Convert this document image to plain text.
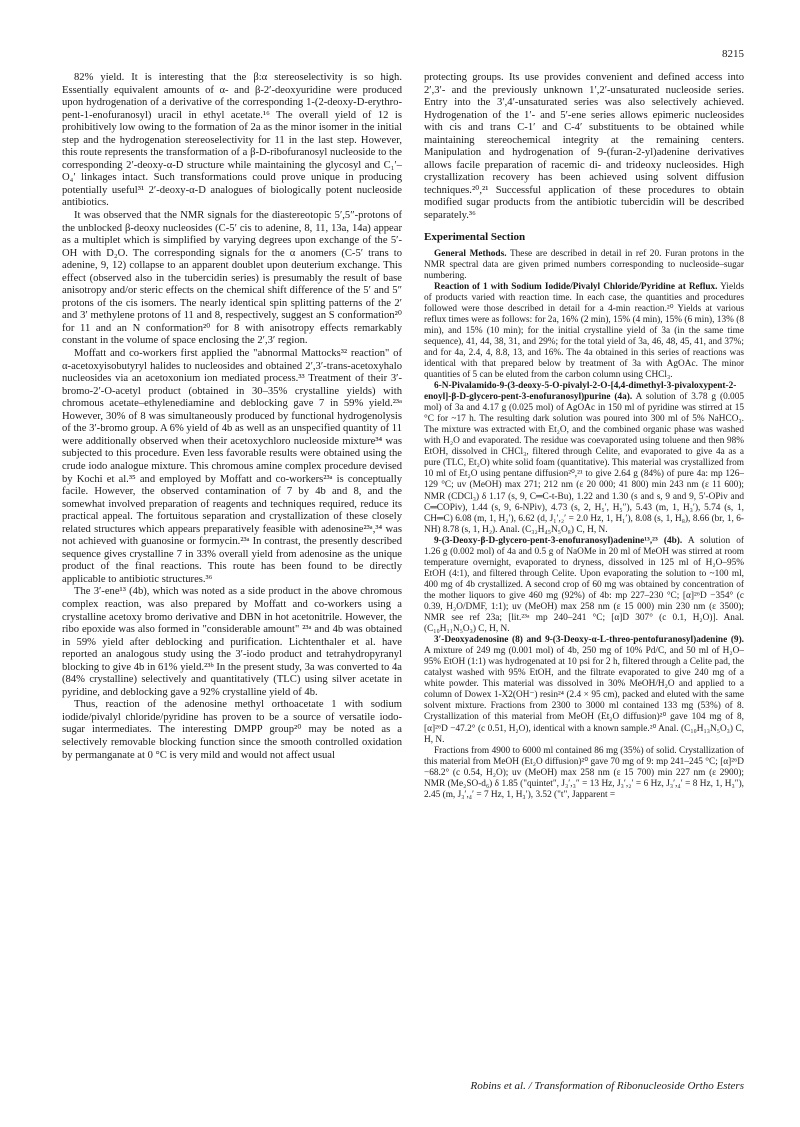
8215

82% yield. It is interesting that the β:α stereoselectivity is so high. Essentially equivalent amounts of α- and β-2′-deoxyuridine were produced upon hydrogenation of a derivative of the corresponding 1-(2-deoxy-D-erythro-pent-1-enofuranosyl) uracil in ethyl acetate.¹⁶ The overall yield of 12 is prohibitively low owing to the formation of 2a as the minor isomer in the initial step and the hydrogenation stereoselectivity for 11 in the last step. However, this route represents the transformation of a β-D-ribofuranosyl nucleoside to the corresponding 2′-deoxy-α-D structure while maintaining the glycosyl and C₁′–O₄′ linkages intact. Such transformations could prove unique in producing potentially useful³¹ 2′-deoxy-α-D analogues of biologically potent nucleoside antibiotics.

It was observed that the NMR signals for the diastereotopic 5′,5″-protons of the unblocked β-deoxy nucleosides (C-5′ cis to adenine, 8, 11, 13a, 14a) appear as a multiplet which is simplified by varying degrees upon exchange of the 5′-OH with D₂O. The corresponding signals for the α anomers (C-5′ trans to adenine, 9, 12) collapse to an apparent doublet upon deuterium exchange. This effect (observed also in the tubercidin series) is presumably the result of base anisotropy and/or steric effects on the chemical shift difference of the 5′ and 5″ protons of the cis isomers. The nearly identical spin splitting patterns of the 2′ and 3′ methylene protons of 11 and 8, respectively, suggest an S conformation²⁰ for 11 and an N conformation²⁰ for 8 with anisotropy effects remarkably constant in the volume of space enclosing the 2′,3′ region.

Moffatt and co-workers first applied the "abnormal Mattocks³² reaction" of α-acetoxyisobutyryl halides to nucleosides and obtained 2′,3′-trans-acetoxyhalo nucleosides via an acetoxonium ion mediated process.³³ Treatment of their 3′-bromo-2′-O-acetyl product (obtained in 30–35% crystalline yields) with chromous acetate–ethylenediamine and deblocking gave 7 in 59% yield.²³ᵃ However, 30% of 8 was simultaneously produced by functional hydrogenolysis of the 3′-bromo group. A 6% yield of 4b as well as an unspecified quantity of 11 were additionally observed when their acetoxychloro nucleoside mixture³⁴ was subjected to this procedure. Even less favorable results were obtained using the crude iodo analogue mixture. This chromous amine complex procedure devised by Kochi et al.³⁵ and employed by Moffatt and co-workers²³ᵃ is conceptually facile. However, the observed contamination of 7 by 4b and 8, and the somewhat involved preparation of reagents and techniques required, reduce its practical appeal. The fortuitous separation and crystallization of these closely related structures which appears preparatively feasible with adenosine²³ᵃ,³⁴ was not achieved with guanosine or formycin.²³ᵃ In contrast, the presently described sequence gives crystalline 7 in 33% overall yield from adenosine as the unique product of the final reactions. This route has been found to be directly applicable to antibiotic structures.³⁶

The 3′-ene¹³ (4b), which was noted as a side product in the above chromous complex reaction, was also prepared by Moffatt and co-workers using a crystalline acetoxy bromo derivative and DBN in hot acetonitrile. However, the ribo epoxide was also formed in "considerable amount" ²³ᵃ and 4b was obtained in 59% yield after deblocking and purification. Lichtenthaler et al. have reported an analogous study using the 3′-iodo product and tetrahydropyranyl blocking to give 4b in 61% yield.²³ᵇ In the present study, 3a was converted to 4a (84% crystalline) selectively and quantitatively (TLC) using silver acetate in pyridine, and deblocking gave a 92% crystalline yield of 4b.

Thus, reaction of the adenosine methyl orthoacetate 1 with sodium iodide/pivalyl chloride/pyridine has proven to be a source of versatile iodo-sugar intermediates. The interesting DMPP group²⁰ may be noted as a selectively removable blocking function since the smooth controlled oxidation by permanganate at 0 °C is very mild and would not affect usual

protecting groups. Its use provides convenient and defined access into 2′,3′- and the previously unknown 1′,2′-unsaturated nucleoside series. Entry into the 3′,4′-unsaturated series was also selectively achieved. Hydrogenation of the 1′- and 5′-ene series allows epimeric nucleosides with cis and trans C-1′ and C-4′ substituents to be obtained while maintaining stereochemical integrity at the remaining centers. Manipulation and hydrogenation of 9-(furan-2-yl)adenine derivatives allows facile preparation of racemic di- and trideoxy nucleosides. High crystallization recovery has been achieved using solvent diffusion techniques.²⁰,²¹ Successful application of these procedures to obtain modified sugar products from the antibiotic tubercidin will be described separately.³⁶

Experimental Section

General Methods. These are described in detail in ref 20. Furan protons in the NMR spectral data are given primed numbers corresponding to nucleoside–sugar numbering.

Reaction of 1 with Sodium Iodide/Pivalyl Chloride/Pyridine at Reflux. Yields of products varied with reaction time. In each case, the quantities and procedures followed were those described in detail for a 4-min reaction.²⁰ Yields at various reflux times were as follows: for 2a, 16% (2 min), 15% (4 min), 15% (6 min), 13% (8 min), and 15% (10 min); for the initial crystalline yield of 3a (in the same time sequence), 41, 44, 38, 31, and 29%; for the total yield of 3a, 46, 48, 45, 41, and 37%; and for 4a, 2.4, 4, 8.8, 13, and 16%. The 4a obtained in this series of reactions was identical with that prepared below by treatment of 3a with AgOAc. The minor quantities of 5 can be eluted from the carbon column using CHCl₃.

6-N-Pivalamido-9-(3-deoxy-5-O-pivalyl-2-O-[4,4-dimethyl-3-pivaloxypent-2-enoyl]-β-D-glycero-pent-3-enofuranosyl)purine (4a). A solution of 3.78 g (0.005 mol) of 3a and 4.17 g (0.025 mol) of AgOAc in 150 ml of pyridine was stirred at 15 °C for ~17 h. The resulting dark solution was poured into 300 ml of 5% NaHCO₃. The mixture was extracted with Et₂O, and the combined organic phase was washed with H₂O and evaporated. The residue was coevaporated using toluene and then 98% EtOH, dissolved in CHCl₃, filtered through Celite, and evaporated to give 4a as a pure (TLC, Et₂O) white solid foam (quantitative). This material was crystallized from 10 ml of Et₂O using pentane diffusion²⁰,²¹ to give 2.64 g (84%) of pure 4a: mp 126–129 °C; uv (MeOH) max 271; 212 nm (ε 20 000; 41 800) min 243 nm (ε 11 600); NMR (CDCl₃) δ 1.17 (s, 9, C═C-t-Bu), 1.22 and 1.30 (s and s, 9 and 9, 5′-OPiv and C═COPiv), 1.44 (s, 9, 6-NPiv), 4.73 (s, 2, H₅′, H₅″), 5.43 (m, 1, H₃′), 5.74 (s, 1, CH═C) 6.08 (m, 1, H₂′), 6.62 (d, J₁′,₂′ = 2.0 Hz, 1, H₁′), 8.08 (s, 1, H₈), 8.66 (br, 1, 6-NH) 8.78 (s, 1, H₂). Anal. (C₃₂H₄₅N₅O₈) C, H, N.

9-(3-Deoxy-β-D-glycero-pent-3-enofuranosyl)adenine¹³,²³ (4b). A solution of 1.26 g (0.002 mol) of 4a and 0.5 g of NaOMe in 20 ml of MeOH was stirred at room temperature overnight, evaporated to dryness, dissolved in 125 ml of H₂O–95% EtOH (4:1), and filtered through Celite. Upon evaporating the solution to ~100 ml, 400 mg of 4b crystallized. A second crop of 60 mg was obtained by concentration of the mother liquors to give 460 mg (92%) of 4b: mp 227–230 °C; [α]²⁶D −354° (c 0.39, H₂O/DMF, 1:1); uv (MeOH) max 258 nm (ε 15 000) min 230 nm (ε 3500); NMR see ref 23a; [lit.²³ᵃ mp 240–241 °C; [α]D 307° (c 0.1, H₂O)]. Anal. (C₁₀H₁₁N₅O₃) C, H, N.

3′-Deoxyadenosine (8) and 9-(3-Deoxy-α-L-threo-pentofuranosyl)adenine (9). A mixture of 249 mg (0.001 mol) of 4b, 250 mg of 10% Pd/C, and 50 ml of H₂O–95% EtOH (1:1) was hydrogenated at 10 psi for 2 h, filtered through a Celite pad, the catalyst washed with 95% EtOH, and the filtrate evaporated to give 240 mg of a white powder. This material was dissolved in 30% MeOH/H₂O and applied to a column of Dowex 1-X2(OH⁻) resin²⁴ (2.4 × 95 cm), packed and eluted with the same solvent mixture. Fractions from 2300 to 3000 ml contained 133 mg (53%) of 8. Crystallization of this material from MeOH (Et₂O diffusion)²⁰ gave 104 mg of 8, [α]²⁶D −47.2° (c 0.51, H₂O), identical with a known sample.²⁰ Anal. (C₁₀H₁₃N₅O₃) C, H, N.

Fractions from 4900 to 6000 ml contained 86 mg (35%) of solid. Crystallization of this material from MeOH (Et₂O diffusion)²⁰ gave 70 mg of 9: mp 241–245 °C; [α]²⁶D −68.2° (c 0.54, H₂O); uv (MeOH) max 258 nm (ε 15 700) min 227 nm (ε 2900); NMR (Me₂SO-d₆) δ 1.85 ("quintet", J₃′,₃″ = 13 Hz, J₃′,₂′ = 6 Hz, J₃′,₄′ = 8 Hz, 1, H₃″), 2.45 (m, J₃′,₄′ = 7 Hz, 1, H₃′), 3.52 ("t", Japparent =

Robins et al. / Transformation of Ribonucleoside Ortho Esters
